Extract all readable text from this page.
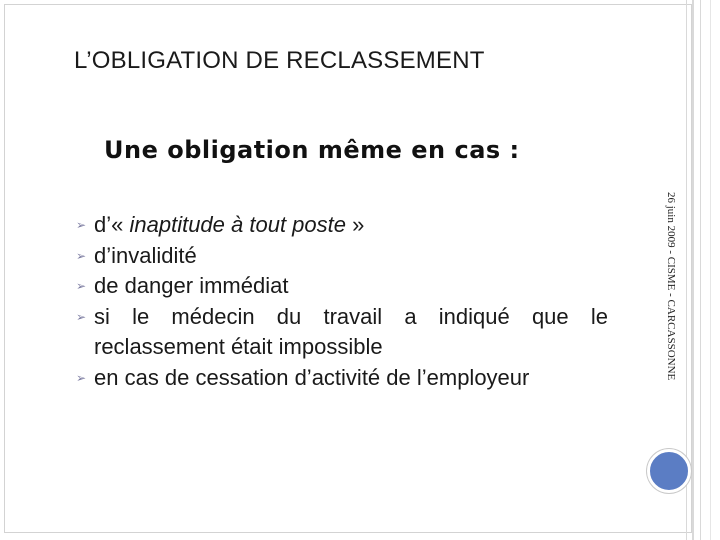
L’OBLIGATION DE RECLASSEMENT
Une obligation même en cas :
➢ d’« inaptitude à tout poste »
➢ d’invalidité
➢ de danger immédiat
➢ si le médecin du travail a indiqué que le reclassement était impossible
➢ en cas de cessation d’activité de l’employeur	26 juin 2009 - CISME - CARCASSONNE
